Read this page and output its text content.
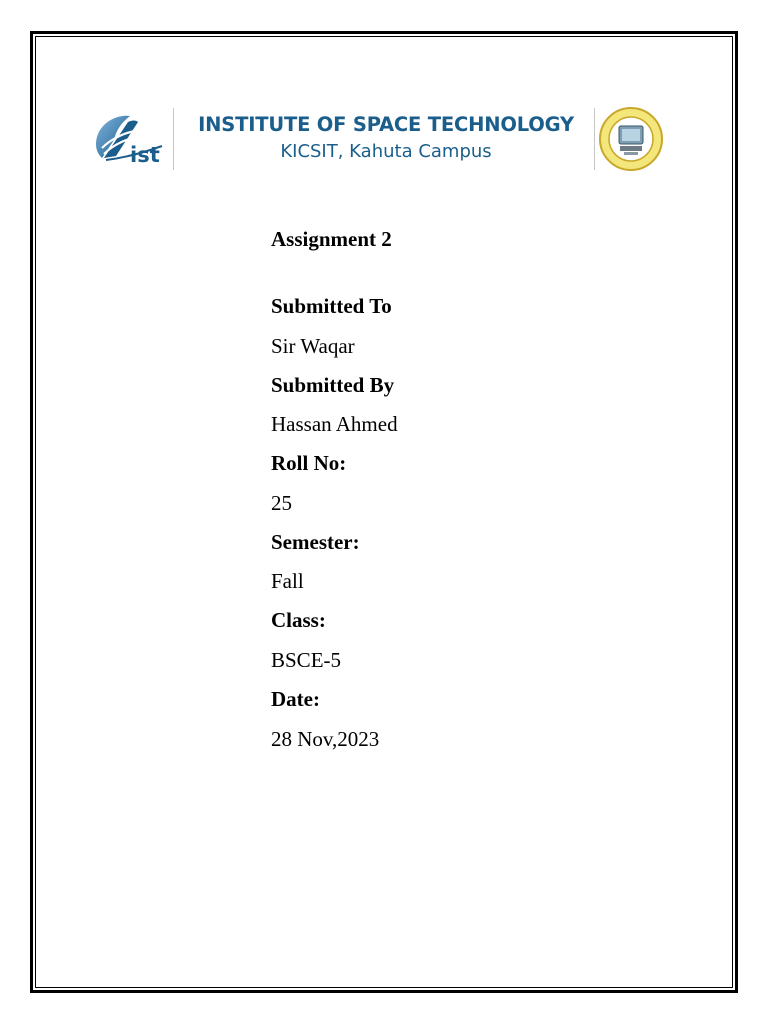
ist
INSTITUTE OF SPACE TECHNOLOGY
KICSIT, Kahuta Campus
Assignment 2
Submitted To
Sir Waqar
Submitted By
Hassan Ahmed
Roll No:
25
Semester:
Fall
Class:
BSCE-5
Date:
28 Nov,2023
